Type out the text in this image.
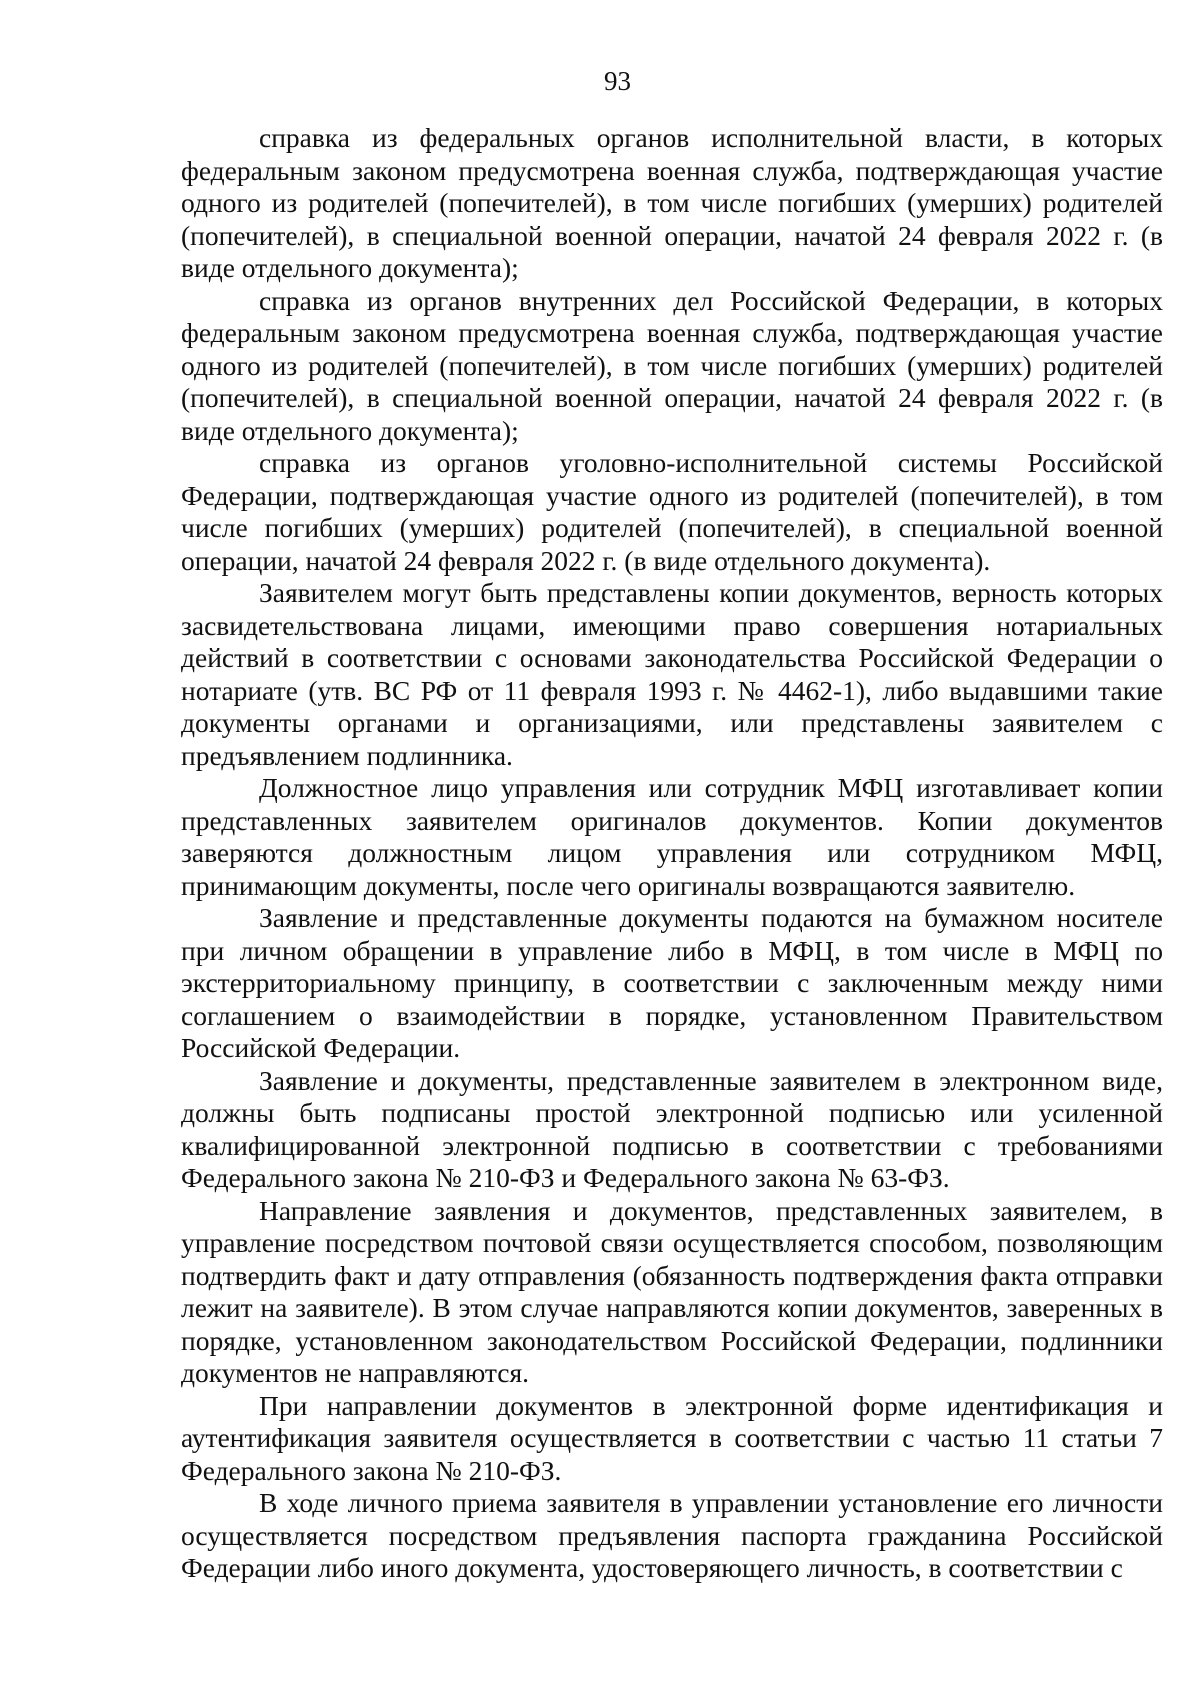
93

справка из федеральных органов исполнительной власти, в которых федеральным законом предусмотрена военная служба, подтверждающая участие одного из родителей (попечителей), в том числе погибших (умерших) родителей (попечителей), в специальной военной операции, начатой 24 февраля 2022 г. (в виде отдельного документа);

справка из органов внутренних дел Российской Федерации, в которых федеральным законом предусмотрена военная служба, подтверждающая участие одного из родителей (попечителей), в том числе погибших (умерших) родителей (попечителей), в специальной военной операции, начатой 24 февраля 2022 г. (в виде отдельного документа);

справка из органов уголовно-исполнительной системы Российской Федерации, подтверждающая участие одного из родителей (попечителей), в том числе погибших (умерших) родителей (попечителей), в специальной военной операции, начатой 24 февраля 2022 г. (в виде отдельного документа).

Заявителем могут быть представлены копии документов, верность которых засвидетельствована лицами, имеющими право совершения нотариальных действий в соответствии с основами законодательства Российской Федерации о нотариате (утв. ВС РФ от 11 февраля 1993 г. № 4462-1), либо выдавшими такие документы органами и организациями, или представлены заявителем с предъявлением подлинника.

Должностное лицо управления или сотрудник МФЦ изготавливает копии представленных заявителем оригиналов документов. Копии документов заверяются должностным лицом управления или сотрудником МФЦ, принимающим документы, после чего оригиналы возвращаются заявителю.

Заявление и представленные документы подаются на бумажном носителе при личном обращении в управление либо в МФЦ, в том числе в МФЦ по экстерриториальному принципу, в соответствии с заключенным между ними соглашением о взаимодействии в порядке, установленном Правительством Российской Федерации.

Заявление и документы, представленные заявителем в электронном виде, должны быть подписаны простой электронной подписью или усиленной квалифицированной электронной подписью в соответствии с требованиями Федерального закона № 210-ФЗ и Федерального закона № 63-ФЗ.

Направление заявления и документов, представленных заявителем, в управление посредством почтовой связи осуществляется способом, позволяющим подтвердить факт и дату отправления (обязанность подтверждения факта отправки лежит на заявителе). В этом случае направляются копии документов, заверенных в порядке, установленном законодательством Российской Федерации, подлинники документов не направляются.

При направлении документов в электронной форме идентификация и аутентификация заявителя осуществляется в соответствии с частью 11 статьи 7 Федерального закона № 210-ФЗ.

В ходе личного приема заявителя в управлении установление его личности осуществляется посредством предъявления паспорта гражданина Российской Федерации либо иного документа, удостоверяющего личность, в соответствии с
